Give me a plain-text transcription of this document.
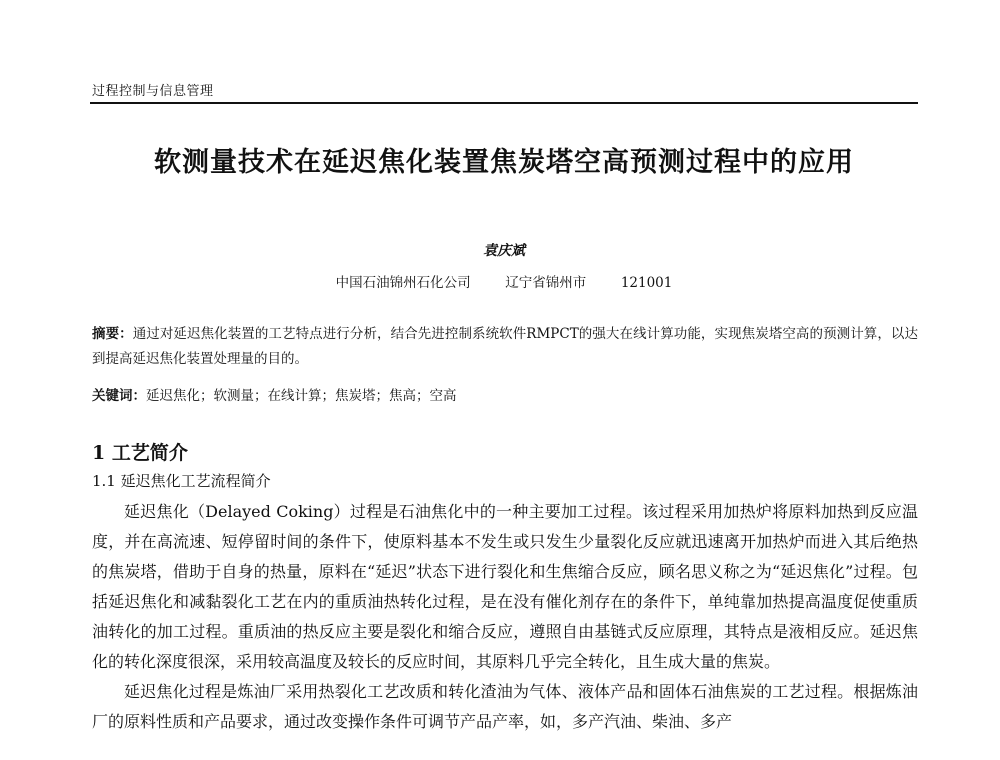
过程控制与信息管理
软测量技术在延迟焦化装置焦炭塔空高预测过程中的应用
袁庆斌
中国石油锦州石化公司	辽宁省锦州市	121001
摘要：通过对延迟焦化装置的工艺特点进行分析，结合先进控制系统软件RMPCT的强大在线计算功能，实现焦炭塔空高的预测计算，以达到提高延迟焦化装置处理量的目的。
关键词：延迟焦化；软测量；在线计算；焦炭塔；焦高；空高
1 工艺简介
1.1 延迟焦化工艺流程简介

延迟焦化（Delayed Coking）过程是石油焦化中的一种主要加工过程。该过程采用加热炉将原料加热到反应温度，并在高流速、短停留时间的条件下，使原料基本不发生或只发生少量裂化反应就迅速离开加热炉而进入其后绝热的焦炭塔，借助于自身的热量，原料在“延迟”状态下进行裂化和生焦缩合反应，顾名思义称之为“延迟焦化”过程。包括延迟焦化和减黏裂化工艺在内的重质油热转化过程，是在没有催化剂存在的条件下，单纯靠加热提高温度促使重质油转化的加工过程。重质油的热反应主要是裂化和缩合反应，遵照自由基链式反应原理，其特点是液相反应。延迟焦化的转化深度很深，采用较高温度及较长的反应时间，其原料几乎完全转化，且生成大量的焦炭。

延迟焦化过程是炼油厂采用热裂化工艺改质和转化渣油为气体、液体产品和固体石油焦炭的工艺过程。根据炼油厂的原料性质和产品要求，通过改变操作条件可调节产品产率，如，多产汽油、柴油、多产
